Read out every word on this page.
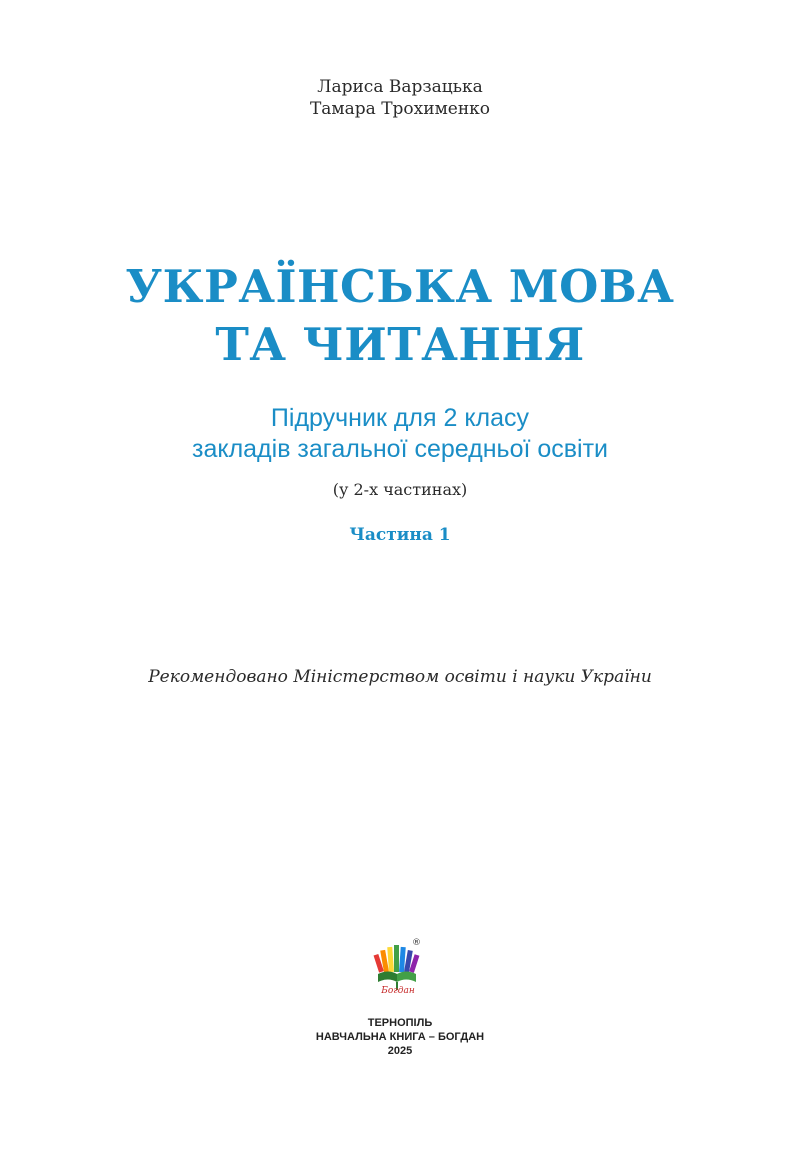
Лариса Варзацька
Тамара Трохименко
УКРАЇНСЬКА МОВА
ТА ЧИТАННЯ
Підручник для 2 класу
закладів загальної середньої освіти
(у 2-х частинах)
Частина 1
Рекомендовано Міністерством освіти і науки України
Богдан
®
ТЕРНОПІЛЬ
НАВЧАЛЬНА КНИГА – БОГДАН
2025
